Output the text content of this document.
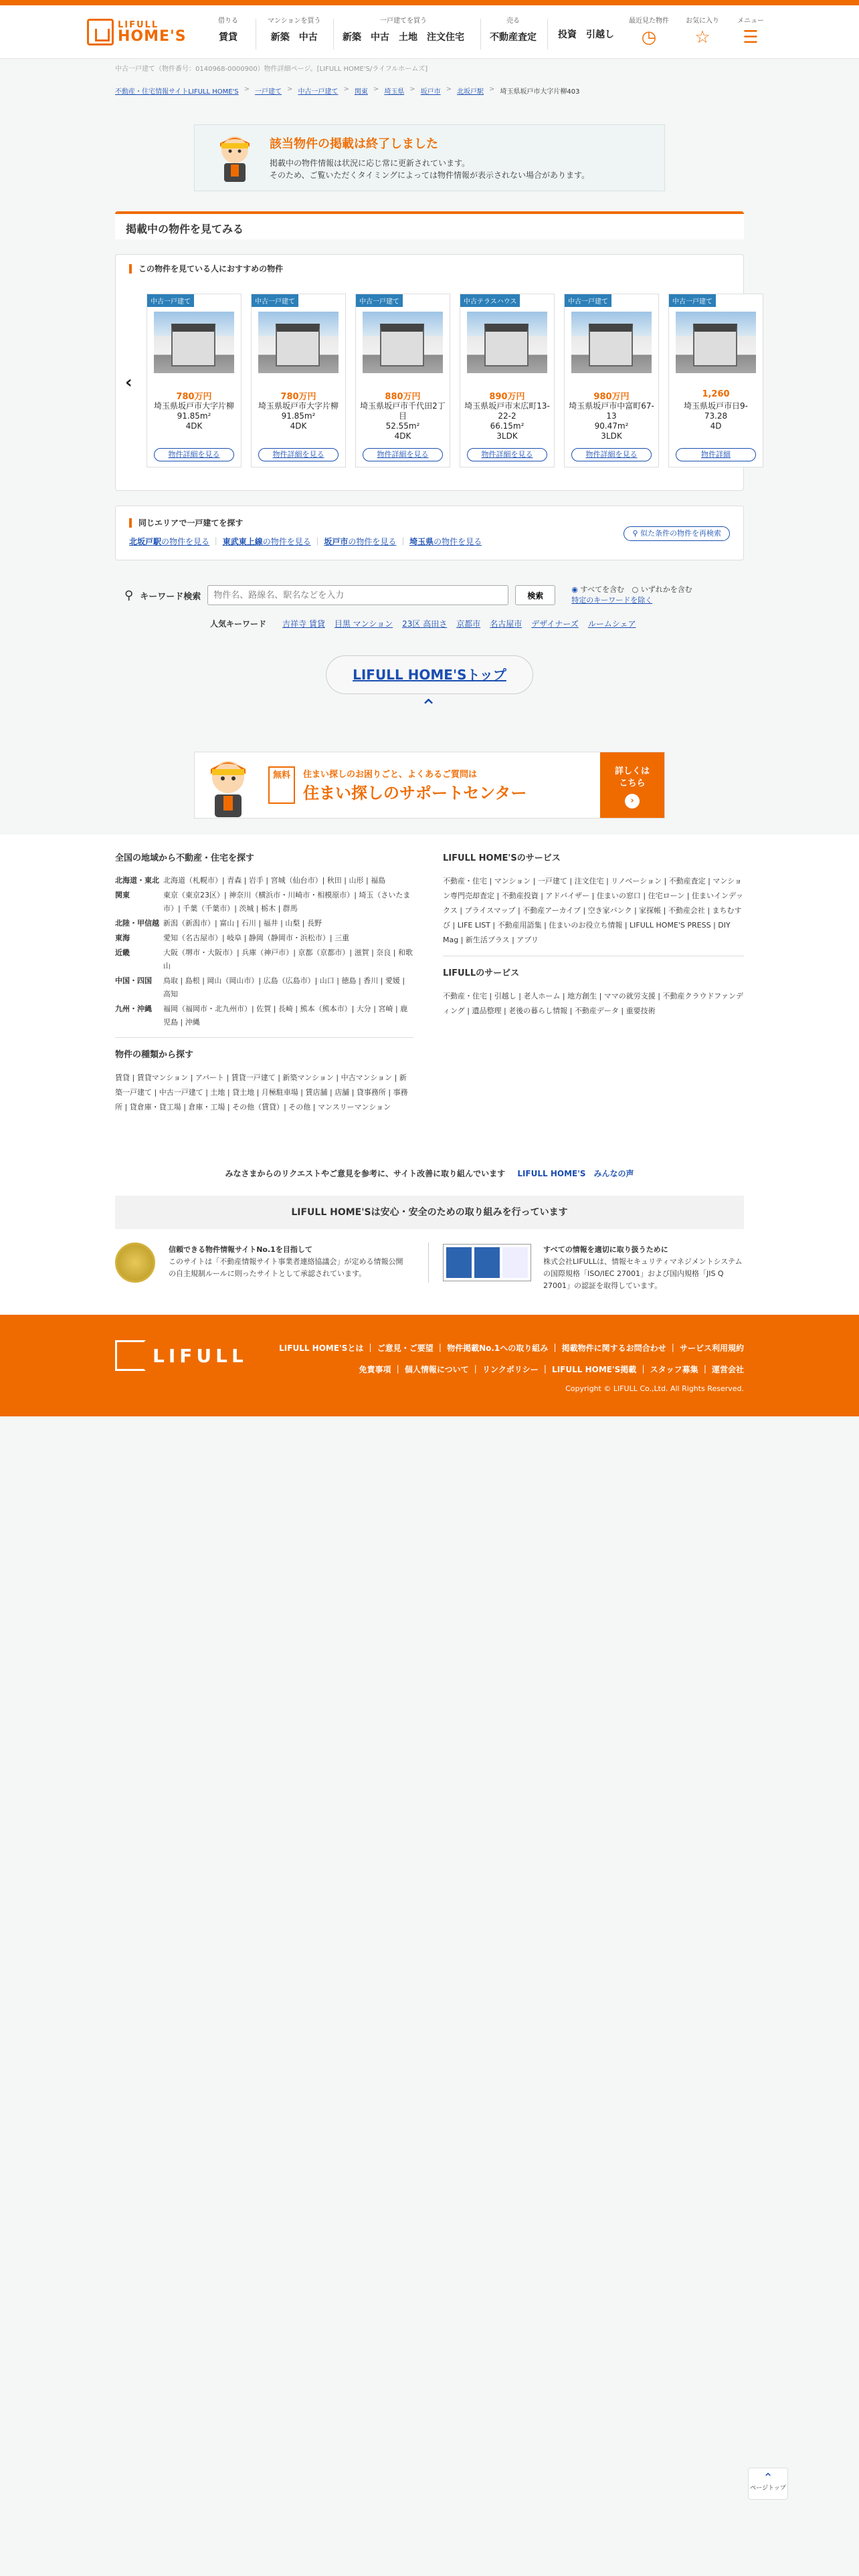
LIFULL
HOME'S
借りる
賃貸
マンションを買う
新築 中古
一戸建てを買う
新築 中古 土地 注文住宅
売る
不動産査定
投資 引越し
最近見た物件
◷
お気に入り
☆
メニュー
☰
中古一戸建て（物件番号：0140968-0000900）物件詳細ページ。[LIFULL HOME'S/ライフルホームズ]
不動産・住宅情報サイトLIFULL HOME'S > 一戸建て > 中古一戸建て > 関東 > 埼玉県 > 坂戸市 > 北坂戸駅 > 埼玉県坂戸市大字片柳403
該当物件の掲載は終了しました
掲載中の物件情報は状況に応じ常に更新されています。
そのため、ご覧いただくタイミングによっては物件情報が表示されない場合があります。
掲載中の物件を見てみる
この物件を見ている人におすすめの物件
‹
中古一戸建て
780万円
埼玉県坂戸市大字片柳
91.85m²
4DK
物件詳細を見る
中古一戸建て
780万円
埼玉県坂戸市大字片柳
91.85m²
4DK
物件詳細を見る
中古一戸建て
880万円
埼玉県坂戸市千代田2丁目
52.55m²
4DK
物件詳細を見る
中古テラスハウス
890万円
埼玉県坂戸市末広町13-22-2
66.15m²
3LDK
物件詳細を見る
中古一戸建て
980万円
埼玉県坂戸市中富町67-13
90.47m²
3LDK
物件詳細を見る
中古一戸建て
1,260
埼玉県坂戸市日9-
73.28
4D
物件詳細
同じエリアで一戸建てを探す
北坂戸駅の物件を見る ｜ 東武東上線の物件を見る ｜ 坂戸市の物件を見る ｜ 埼玉県の物件を見る
⚲ 似た条件の物件を再検索
⚲ キーワード検索
物件名、路線名、駅名などを入力	検索
◉ すべてを含む ○ いずれかを含む
特定のキーワードを除く
人気キーワード 吉祥寺 賃貸 目黒 マンション 23区 高田さ 京都市 名古屋市 デザイナーズ ルームシェア
LIFULL HOME'Sトップ
⌃
無料	住まい探しのお困りごと、よくあるご質問は
住まい探しのサポートセンター
詳しくはこちら
›
全国の地域から不動産・住宅を探す
北海道・東北 北海道（札幌市）| 青森 | 岩手 | 宮城（仙台市）| 秋田 | 山形 | 福島
関東	東京（東京23区）| 神奈川（横浜市・川崎市・相模原市）| 埼玉（さいたま市）| 千葉（千葉市）| 茨城 | 栃木 | 群馬
北陸・甲信越 新潟（新潟市）| 富山 | 石川 | 福井 | 山梨 | 長野
東海	愛知（名古屋市）| 岐阜 | 静岡（静岡市・浜松市）| 三重
近畿	大阪（堺市・大阪市）| 兵庫（神戸市）| 京都（京都市）| 滋賀 | 奈良 | 和歌山
中国・四国	鳥取 | 島根 | 岡山（岡山市）| 広島（広島市）| 山口 | 徳島 | 香川 | 愛媛 | 高知
九州・沖縄	福岡（福岡市・北九州市）| 佐賀 | 長崎 | 熊本（熊本市）| 大分 | 宮崎 | 鹿児島 | 沖縄
物件の種類から探す
賃貸 | 賃貸マンション | アパート | 賃貸一戸建て | 新築マンション | 中古マンション | 新築一戸建て | 中古一戸建て | 土地 | 貸土地 | 月極駐車場 | 賃店舗 | 店舗 | 貸事務所 | 事務所 | 貸倉庫・貸工場 | 倉庫・工場 | その他（賃貸）| その他 | マンスリーマンション
LIFULL HOME'Sのサービス
不動産・住宅 | マンション | 一戸建て | 注文住宅 | リノベーション | 不動産査定 | マンション専門売却査定 | 不動産投資 | アドバイザー | 住まいの窓口 | 住宅ローン | 住まいインデックス | プライスマップ | 不動産アーカイブ | 空き家バンク | 家探帳 | 不動産会社 | まちむすび | LIFE LIST | 不動産用語集 | 住まいのお役立ち情報 | LIFULL HOME'S PRESS | DIY Mag | 新生活プラス | アプリ
LIFULLのサービス
不動産・住宅 | 引越し | 老人ホーム | 地方創生 | ママの就労支援 | 不動産クラウドファンディング | 遺品整理 | 老後の暮らし情報 | 不動産データ | 重要技術
みなさまからのリクエストやご意見を参考に、サイト改善に取り組んでいます LIFULL HOME'S　みんなの声
LIFULL HOME'Sは安心・安全のための取り組みを行っています
信頼できる物件情報サイトNo.1を目指して
このサイトは「不動産情報サイト事業者連絡協議会」が定める情報公開の自主規制ルールに則ったサイトとして承認されています。
すべての情報を適切に取り扱うために
株式会社LIFULLは、情報セキュリティマネジメントシステムの国際規格「ISO/IEC 27001」および国内規格「JIS Q 27001」の認証を取得しています。
LIFULL	LIFULL HOME'Sとは ｜ ご意見・ご要望 ｜ 物件掲載No.1への取り組み ｜ 掲載物件に関するお問合わせ ｜ サービス利用規約
免責事項 ｜ 個人情報について ｜ リンクポリシー ｜ LIFULL HOME'S掲載 ｜ スタッフ募集 ｜ 運営会社
Copyright © LIFULL Co.,Ltd. All Rights Reserved.
⌃
ページトップ
